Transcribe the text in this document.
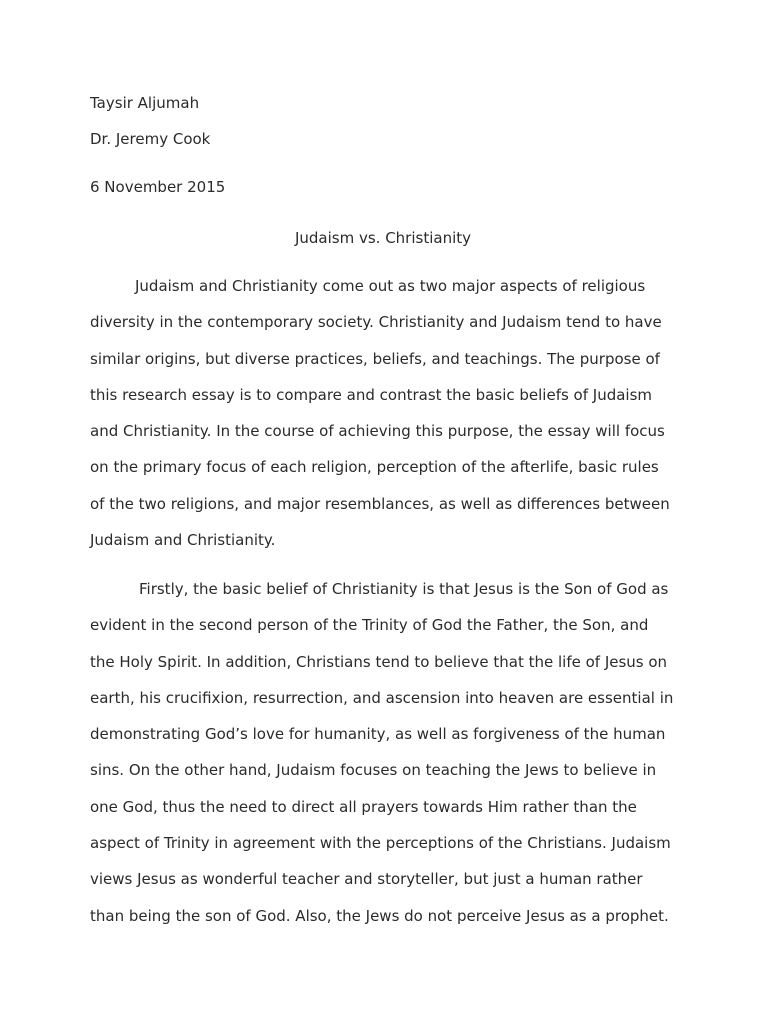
Taysir Aljumah

Dr. Jeremy Cook

6 November 2015

Judaism vs. Christianity
Judaism and Christianity come out as two major aspects of religious
diversity in the contemporary society. Christianity and Judaism tend to have
similar origins, but diverse practices, beliefs, and teachings. The purpose of
this research essay is to compare and contrast the basic beliefs of Judaism
and Christianity. In the course of achieving this purpose, the essay will focus
on the primary focus of each religion, perception of the afterlife, basic rules
of the two religions, and major resemblances, as well as differences between
Judaism and Christianity.
Firstly, the basic belief of Christianity is that Jesus is the Son of God as
evident in the second person of the Trinity of God the Father, the Son, and
the Holy Spirit. In addition, Christians tend to believe that the life of Jesus on
earth, his crucifixion, resurrection, and ascension into heaven are essential in
demonstrating God’s love for humanity, as well as forgiveness of the human
sins. On the other hand, Judaism focuses on teaching the Jews to believe in
one God, thus the need to direct all prayers towards Him rather than the
aspect of Trinity in agreement with the perceptions of the Christians. Judaism
views Jesus as wonderful teacher and storyteller, but just a human rather
than being the son of God. Also, the Jews do not perceive Jesus as a prophet.
